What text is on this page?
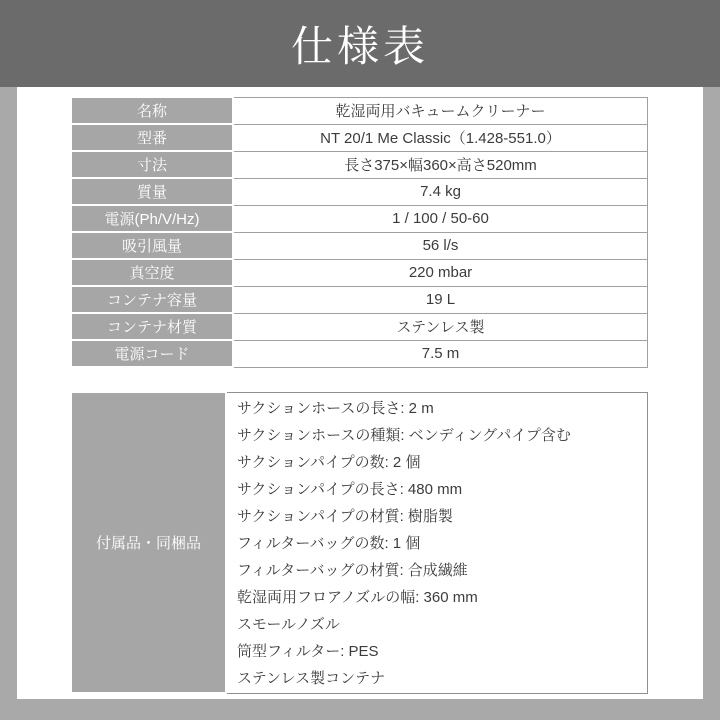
仕様表
名称	乾湿両用バキュームクリーナー
型番	NT 20/1 Me Classic（1.428-551.0）
寸法	長さ375×幅360×高さ520mm
質量	7.4 kg
電源(Ph/V/Hz)	1 / 100 / 50-60
吸引風量	56 l/s
真空度	220 mbar
コンテナ容量	19 L
コンテナ材質	ステンレス製
電源コード	7.5 m
付属品・同梱品	
サクションホースの長さ: 2 m
サクションホースの種類: ベンディングパイプ含む
サクションパイプの数: 2 個
サクションパイプの長さ: 480 mm
サクションパイプの材質: 樹脂製
フィルターバッグの数: 1 個
フィルターバッグの材質: 合成繊維
乾湿両用フロアノズルの幅: 360 mm
スモールノズル
筒型フィルター: PES
ステンレス製コンテナ
